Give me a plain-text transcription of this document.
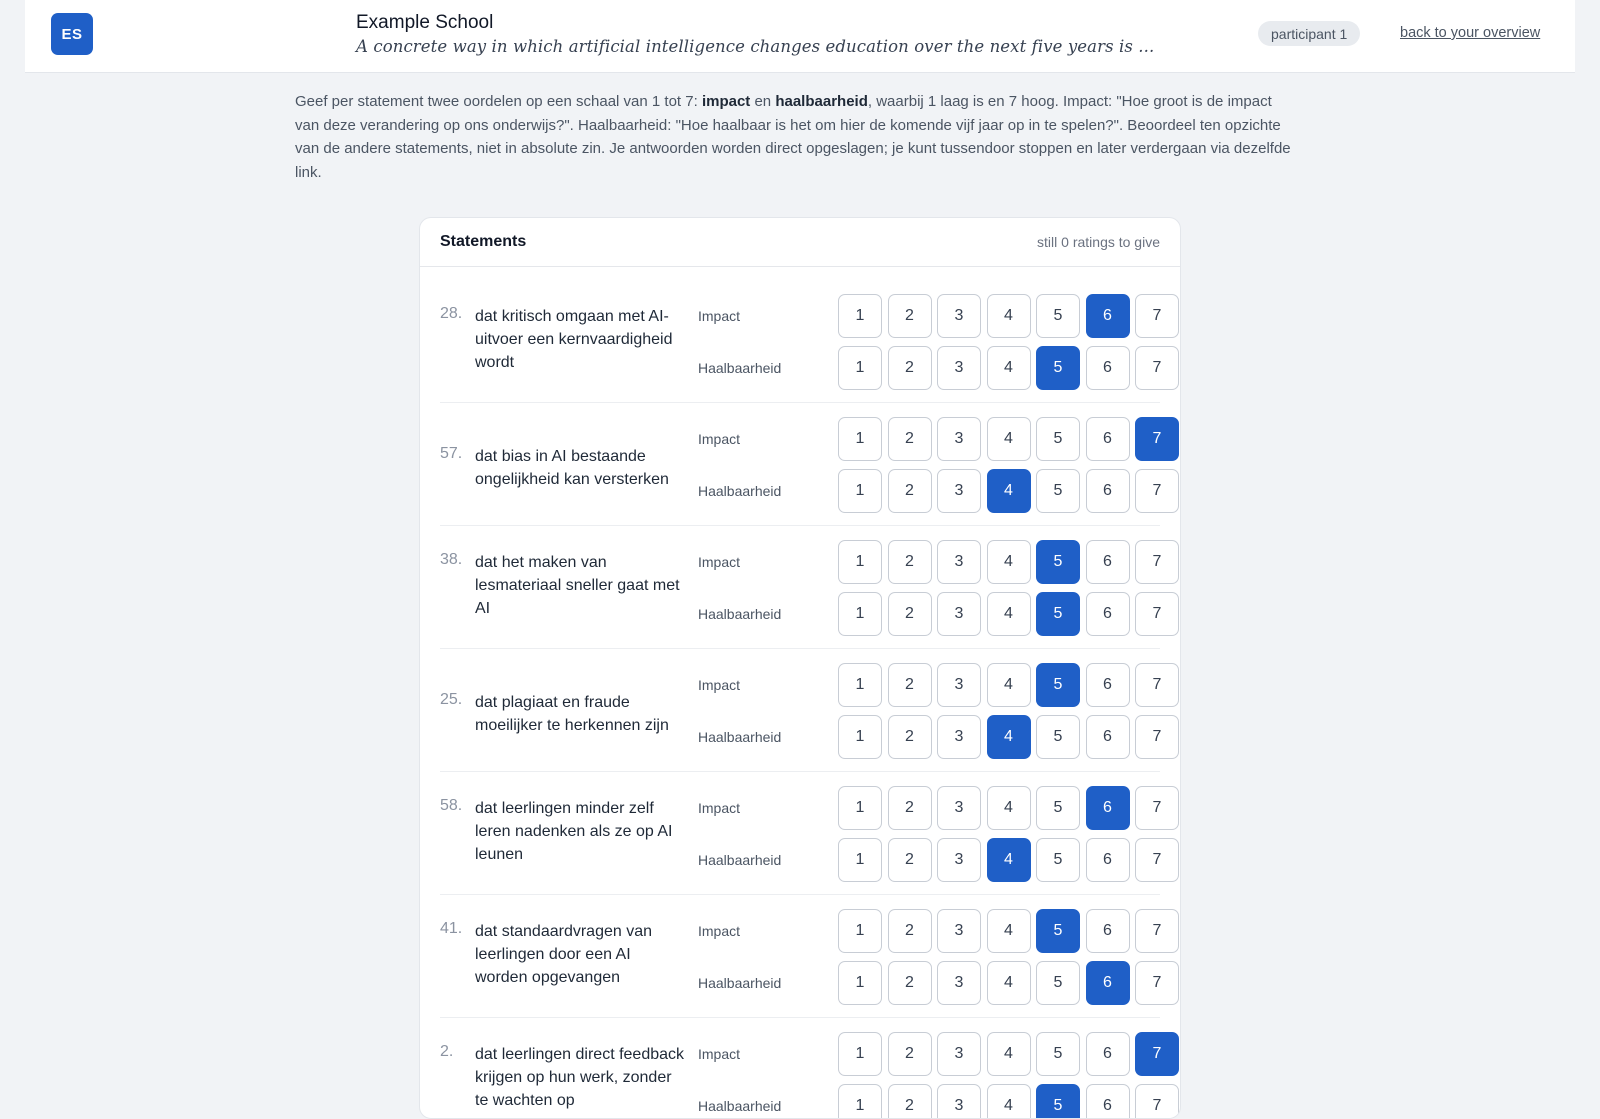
ES
Example School
A concrete way in which artificial intelligence changes education over the next five years is ...
participant 1	back to your overview
Geef per statement twee oordelen op een schaal van 1 tot 7: impact en haalbaarheid, waarbij 1 laag is en 7 hoog. Impact: "Hoe groot is de impact van deze verandering op ons onderwijs?". Haalbaarheid: "Hoe haalbaar is het om hier de komende vijf jaar op in te spelen?". Beoordeel ten opzichte van de andere statements, niet in absolute zin. Je antwoorden worden direct opgeslagen; je kunt tussendoor stoppen en later verdergaan via dezelfde link.
Statements	still 0 ratings to give
28. dat kritisch omgaan met AI-uitvoer een kernvaardigheid wordt
Impact	1	2	3	4	5	6	7
Haalbaarheid	1	2	3	4	5	6	7
57. dat bias in AI bestaande ongelijkheid kan versterken
Impact	1	2	3	4	5	6	7
Haalbaarheid	1	2	3	4	5	6	7
38. dat het maken van lesmateriaal sneller gaat met AI
Impact	1	2	3	4	5	6	7
Haalbaarheid	1	2	3	4	5	6	7
25. dat plagiaat en fraude moeilijker te herkennen zijn
Impact	1	2	3	4	5	6	7
Haalbaarheid	1	2	3	4	5	6	7
58. dat leerlingen minder zelf leren nadenken als ze op AI leunen
Impact	1	2	3	4	5	6	7
Haalbaarheid	1	2	3	4	5	6	7
41. dat standaardvragen van leerlingen door een AI worden opgevangen
Impact	1	2	3	4	5	6	7
Haalbaarheid	1	2	3	4	5	6	7
2. dat leerlingen direct feedback krijgen op hun werk, zonder te wachten op
Impact	1	2	3	4	5	6	7
Haalbaarheid	1	2	3	4	5	6	7
